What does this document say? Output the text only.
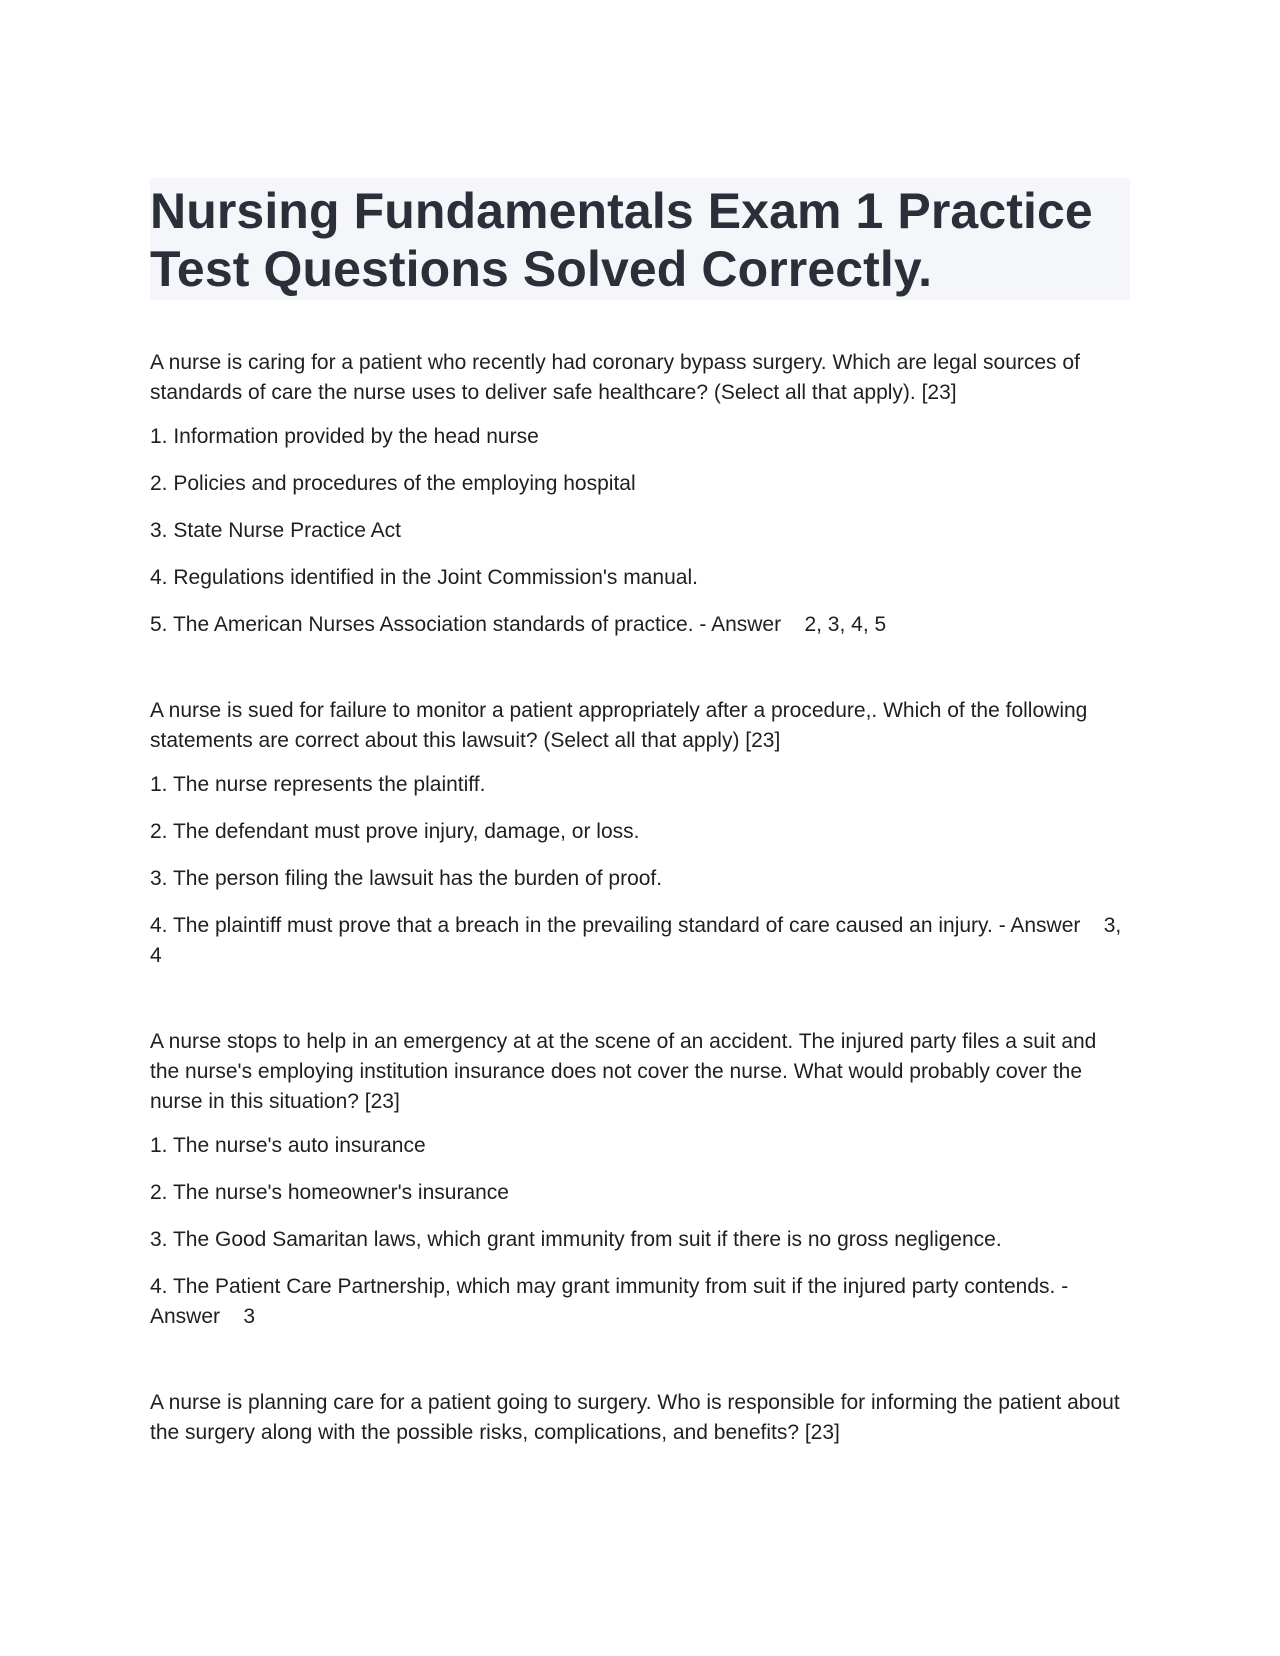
Nursing Fundamentals Exam 1 Practice Test Questions Solved Correctly.

A nurse is caring for a patient who recently had coronary bypass surgery. Which are legal sources of standards of care the nurse uses to deliver safe healthcare? (Select all that apply). [23]

1. Information provided by the head nurse

2. Policies and procedures of the employing hospital

3. State Nurse Practice Act

4. Regulations identified in the Joint Commission's manual.

5. The American Nurses Association standards of practice. - Answer 2, 3, 4, 5

A nurse is sued for failure to monitor a patient appropriately after a procedure,. Which of the following statements are correct about this lawsuit? (Select all that apply) [23]

1. The nurse represents the plaintiff.

2. The defendant must prove injury, damage, or loss.

3. The person filing the lawsuit has the burden of proof.

4. The plaintiff must prove that a breach in the prevailing standard of care caused an injury. - Answer 3, 4

A nurse stops to help in an emergency at at the scene of an accident. The injured party files a suit and the nurse's employing institution insurance does not cover the nurse. What would probably cover the nurse in this situation? [23]

1. The nurse's auto insurance

2. The nurse's homeowner's insurance

3. The Good Samaritan laws, which grant immunity from suit if there is no gross negligence.

4. The Patient Care Partnership, which may grant immunity from suit if the injured party contends. - Answer 3

A nurse is planning care for a patient going to surgery. Who is responsible for informing the patient about the surgery along with the possible risks, complications, and benefits? [23]
